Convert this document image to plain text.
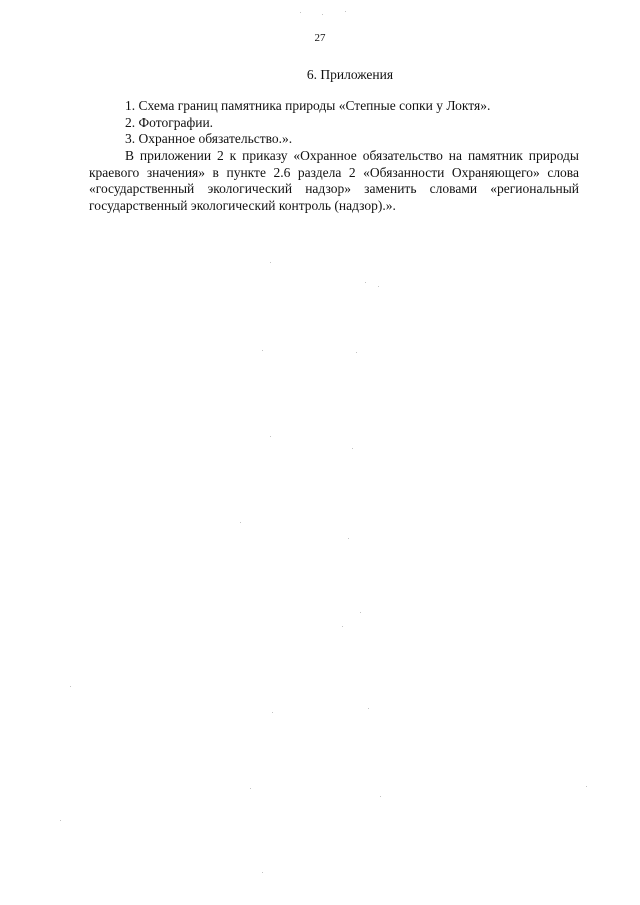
27
6. Приложения
1. Схема границ памятника природы «Степные сопки у Локтя».
2. Фотографии.
3. Охранное обязательство.».

В приложении 2 к приказу «Охранное обязательство на памятник природы краевого значения» в пункте 2.6 раздела 2 «Обязанности Охраняющего» слова «государственный экологический надзор» заменить словами «региональный государственный экологический контроль (надзор).».
